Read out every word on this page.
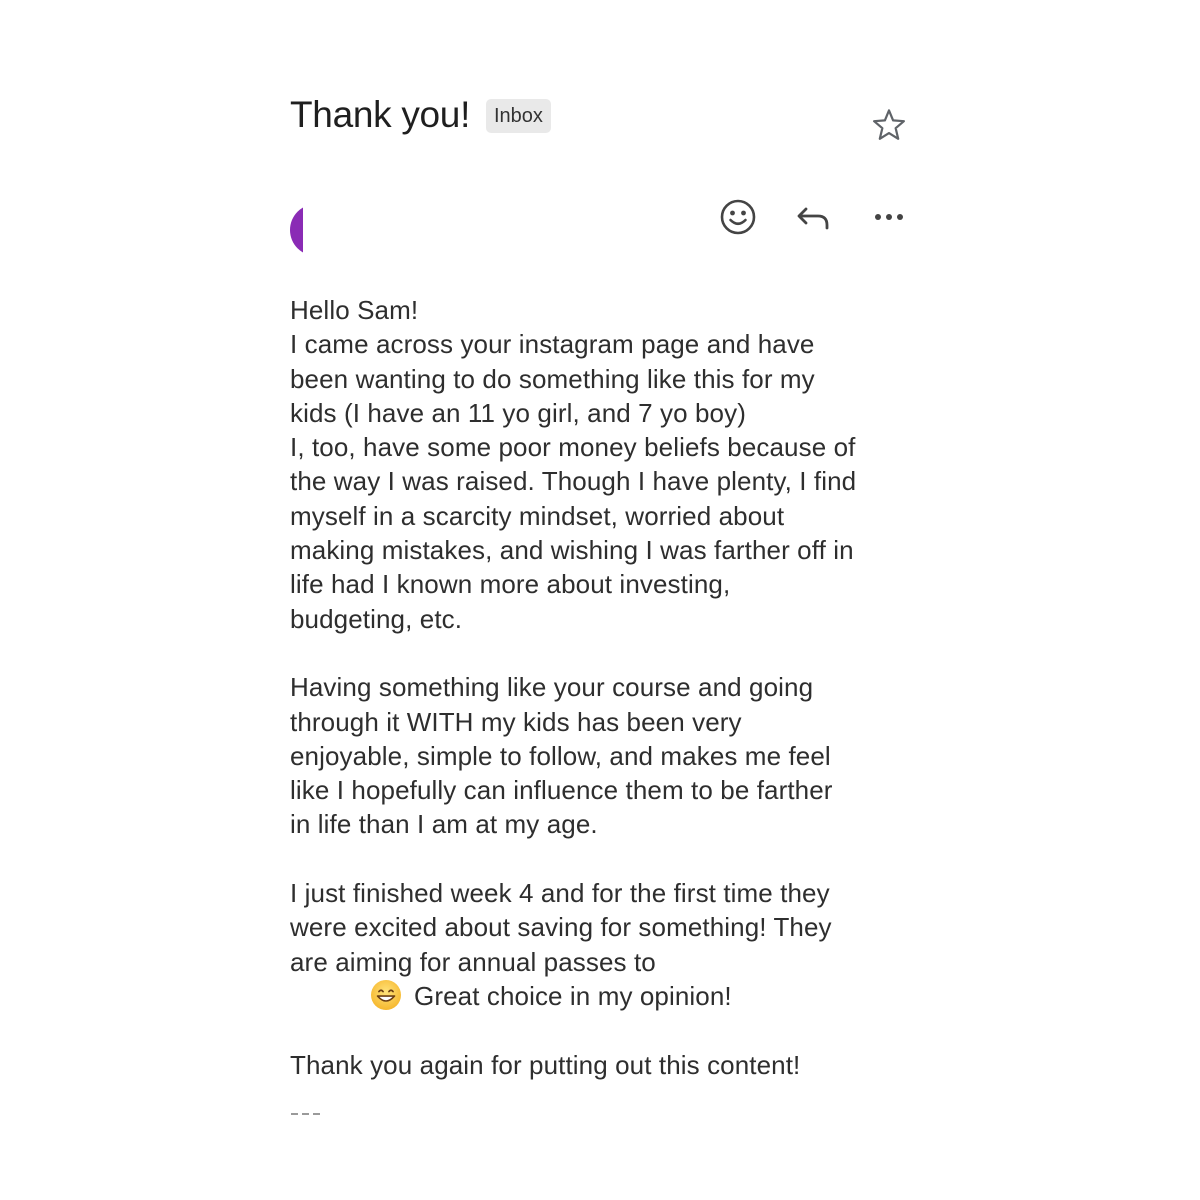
Thank you!	Inbox
Hello Sam!
I came across your instagram page and have
been wanting to do something like this for my
kids (I have an 11 yo girl, and 7 yo boy)
I, too, have some poor money beliefs because of
the way I was raised. Though I have plenty, I find
myself in a scarcity mindset, worried about
making mistakes, and wishing I was farther off in
life had I known more about investing,
budgeting, etc.
Having something like your course and going
through it WITH my kids has been very
enjoyable, simple to follow, and makes me feel
like I hopefully can influence them to be farther
in life than I am at my age.
I just finished week 4 and for the first time they
were excited about saving for something! They
are aiming for annual passes to
Great choice in my opinion!
Thank you again for putting out this content!
